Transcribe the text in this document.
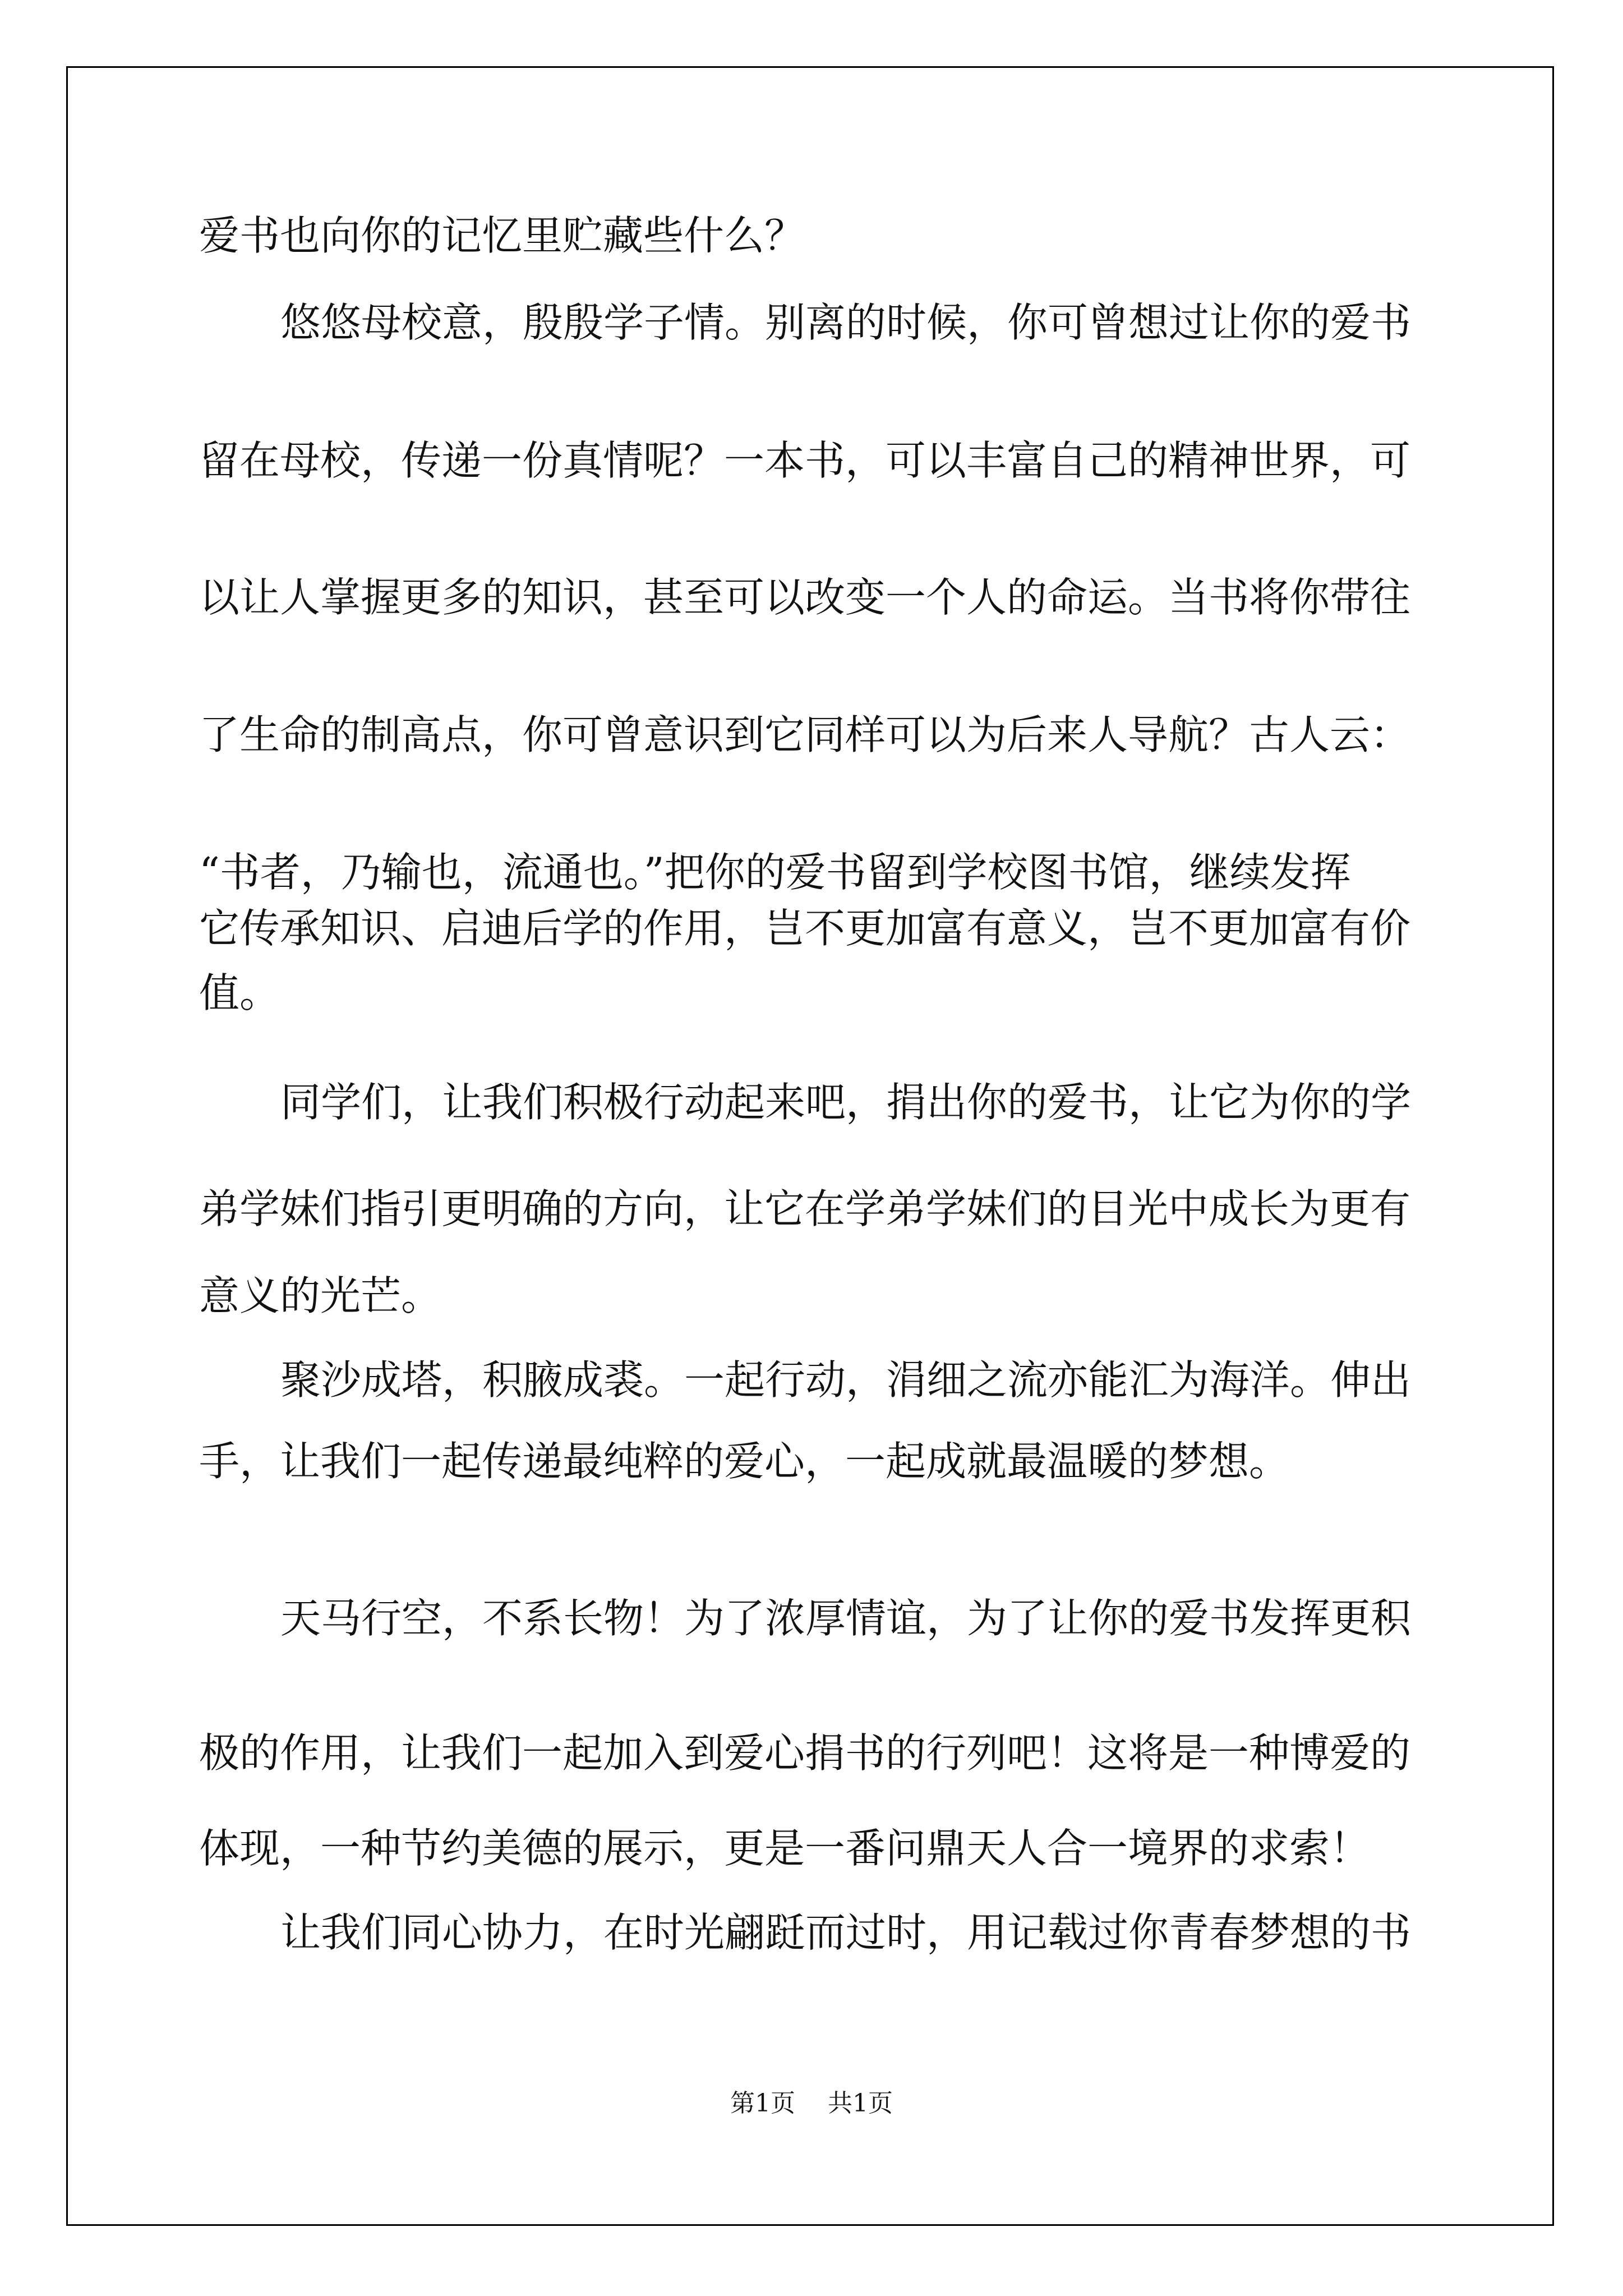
爱书也向你的记忆里贮藏些什么？

悠悠母校意，殷殷学子情。别离的时候，你可曾想过让你的爱书

留在母校，传递一份真情呢？一本书，可以丰富自己的精神世界，可

以让人掌握更多的知识，甚至可以改变一个人的命运。当书将你带往

了生命的制高点，你可曾意识到它同样可以为后来人导航？古人云：

“书者，乃输也，流通也。”把你的爱书留到学校图书馆，继续发挥

它传承知识、启迪后学的作用，岂不更加富有意义，岂不更加富有价

值。

同学们，让我们积极行动起来吧，捐出你的爱书，让它为你的学

弟学妹们指引更明确的方向，让它在学弟学妹们的目光中成长为更有

意义的光芒。

聚沙成塔，积腋成裘。一起行动，涓细之流亦能汇为海洋。伸出

手，让我们一起传递最纯粹的爱心，一起成就最温暖的梦想。

天马行空，不系长物！为了浓厚情谊，为了让你的爱书发挥更积

极的作用，让我们一起加入到爱心捐书的行列吧！这将是一种博爱的

体现，一种节约美德的展示，更是一番问鼎天人合一境界的求索！

让我们同心协力，在时光翩跹而过时，用记载过你青春梦想的书

第1页 共1页
